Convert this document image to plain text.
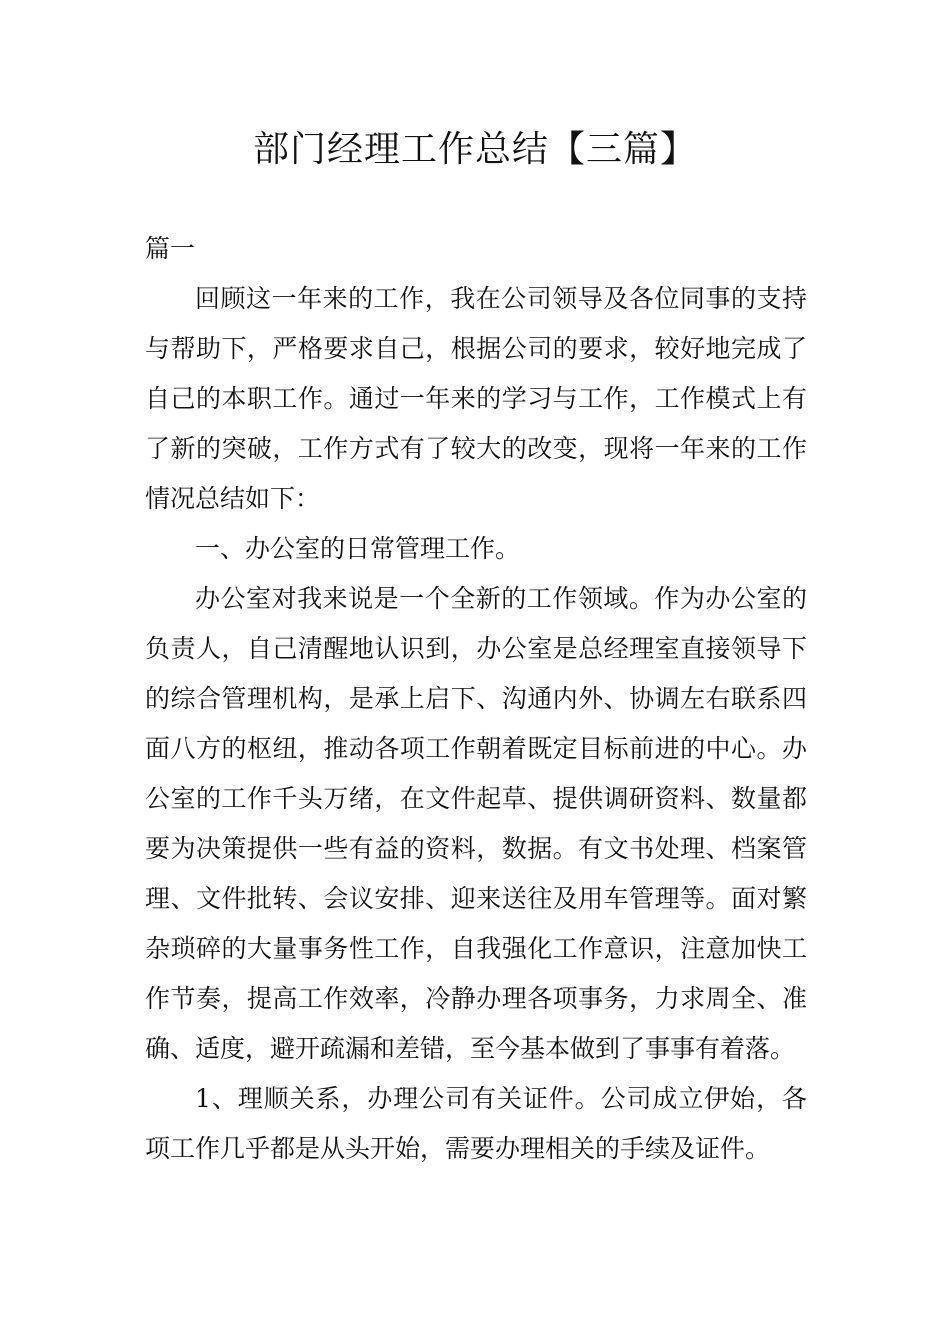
部门经理工作总结【三篇】

篇一

回顾这一年来的工作，我在公司领导及各位同事的支持与帮助下，严格要求自己，根据公司的要求，较好地完成了自己的本职工作。通过一年来的学习与工作，工作模式上有了新的突破，工作方式有了较大的改变，现将一年来的工作情况总结如下：

一、办公室的日常管理工作。

办公室对我来说是一个全新的工作领域。作为办公室的负责人，自己清醒地认识到，办公室是总经理室直接领导下的综合管理机构，是承上启下、沟通内外、协调左右联系四面八方的枢纽，推动各项工作朝着既定目标前进的中心。办公室的工作千头万绪，在文件起草、提供调研资料、数量都要为决策提供一些有益的资料，数据。有文书处理、档案管理、文件批转、会议安排、迎来送往及用车管理等。面对繁杂琐碎的大量事务性工作，自我强化工作意识，注意加快工作节奏，提高工作效率，冷静办理各项事务，力求周全、准确、适度，避开疏漏和差错，至今基本做到了事事有着落。

1、理顺关系，办理公司有关证件。公司成立伊始，各项工作几乎都是从头开始，需要办理相关的手续及证件。
